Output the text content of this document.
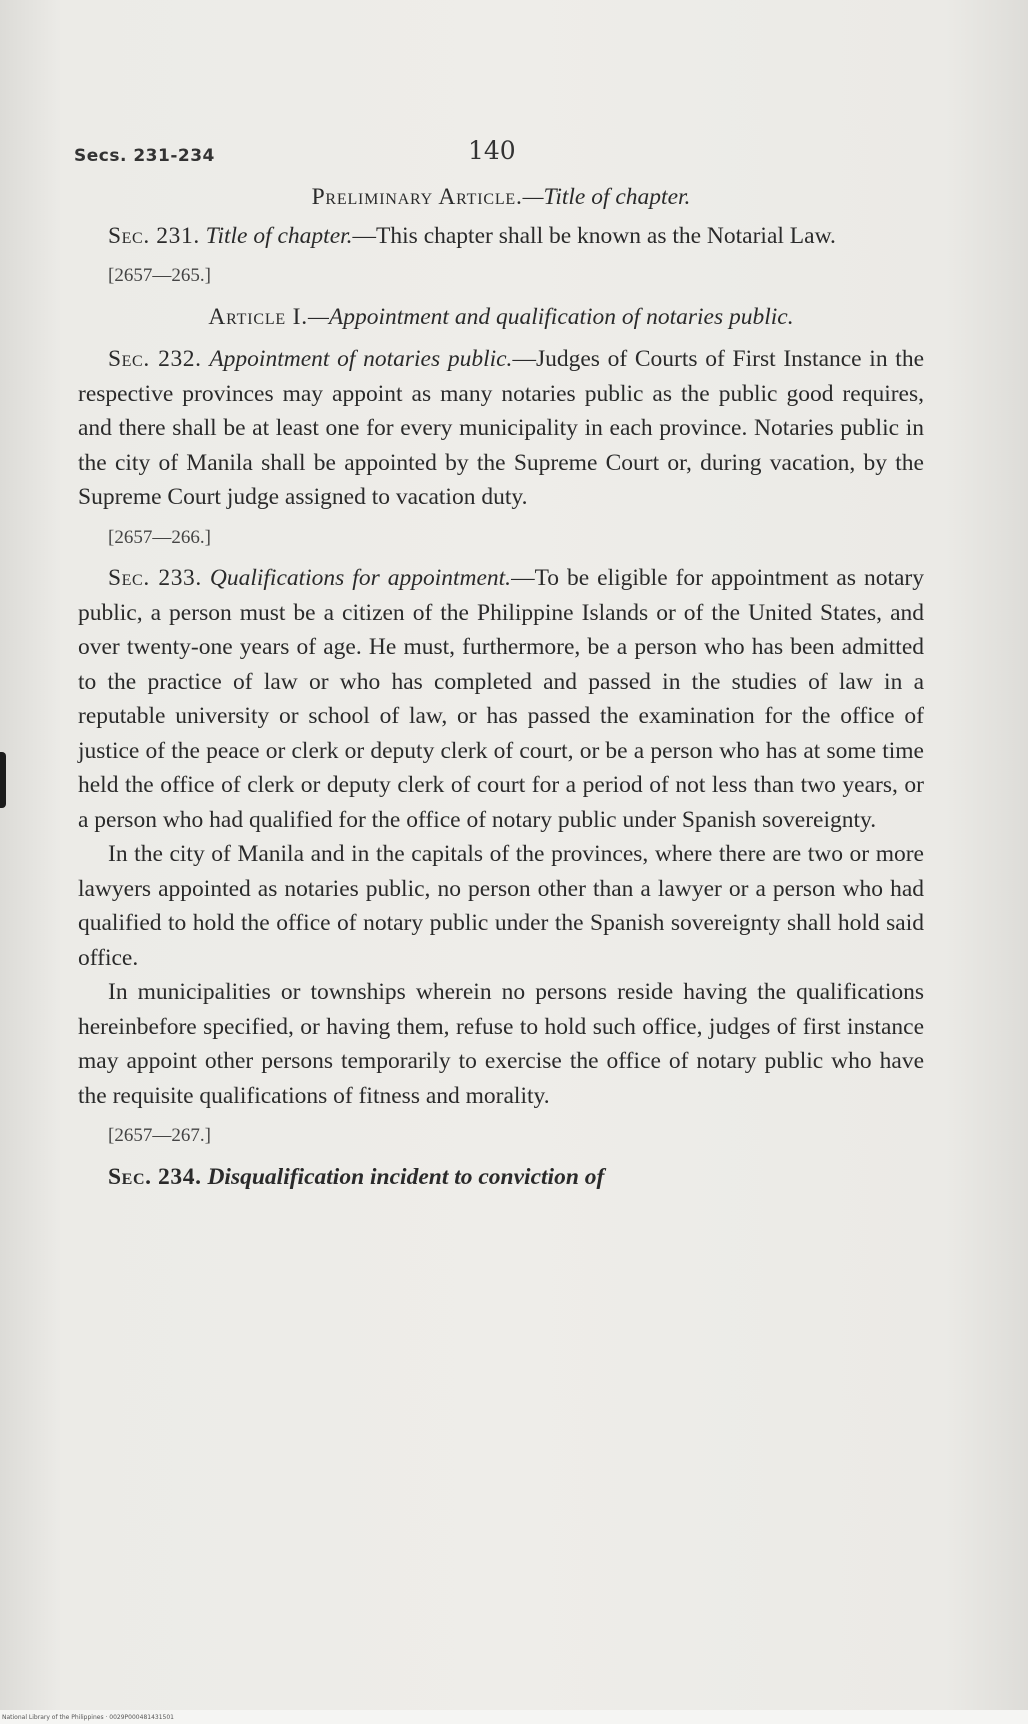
Secs. 231-234	140

Preliminary Article.—Title of chapter.

Sec. 231. Title of chapter.—This chapter shall be known as the Notarial Law.

[2657—265.]

Article I.—Appointment and qualification of notaries public.

Sec. 232. Appointment of notaries public.—Judges of Courts of First Instance in the respective provinces may appoint as many notaries public as the public good requires, and there shall be at least one for every municipality in each province. Notaries public in the city of Manila shall be appointed by the Supreme Court or, during vacation, by the Supreme Court judge assigned to vacation duty.

[2657—266.]

Sec. 233. Qualifications for appointment.—To be eligible for appointment as notary public, a person must be a citizen of the Philippine Islands or of the United States, and over twenty-one years of age. He must, furthermore, be a person who has been admitted to the practice of law or who has completed and passed in the studies of law in a reputable university or school of law, or has passed the examination for the office of justice of the peace or clerk or deputy clerk of court, or be a person who has at some time held the office of clerk or deputy clerk of court for a period of not less than two years, or a person who had qualified for the office of notary public under Spanish sovereignty.

In the city of Manila and in the capitals of the provinces, where there are two or more lawyers appointed as notaries public, no person other than a lawyer or a person who had qualified to hold the office of notary public under the Spanish sovereignty shall hold said office.

In municipalities or townships wherein no persons reside having the qualifications hereinbefore specified, or having them, refuse to hold such office, judges of first instance may appoint other persons temporarily to exercise the office of notary public who have the requisite qualifications of fitness and morality.

[2657—267.]

Sec. 234. Disqualification incident to conviction of

National Library of the Philippines · 0029P000481431501
